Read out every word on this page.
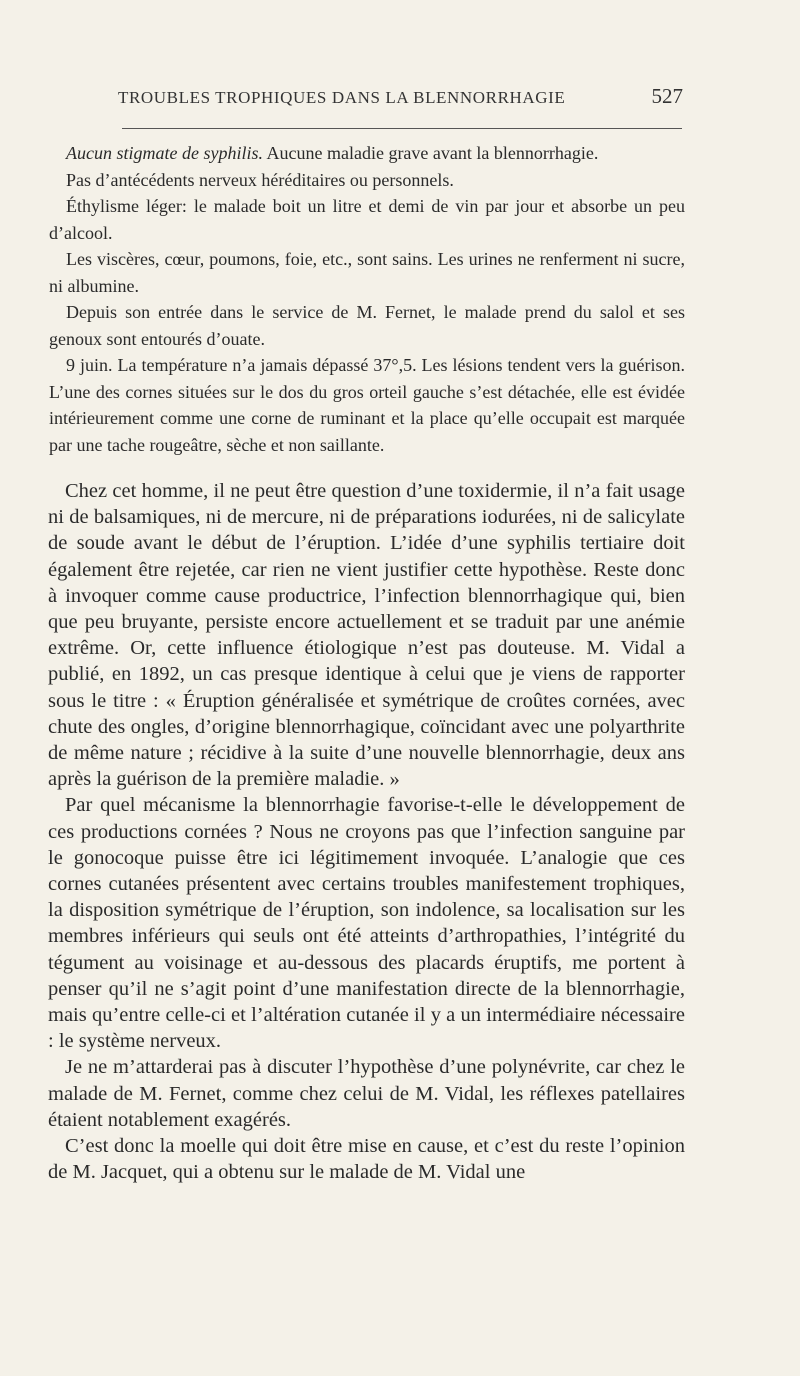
TROUBLES TROPHIQUES DANS LA BLENNORRHAGIE	527

Aucun stigmate de syphilis. Aucune maladie grave avant la blennorrhagie.

Pas d’antécédents nerveux héréditaires ou personnels.

Éthylisme léger: le malade boit un litre et demi de vin par jour et absorbe un peu d’alcool.

Les viscères, cœur, poumons, foie, etc., sont sains. Les urines ne renferment ni sucre, ni albumine.

Depuis son entrée dans le service de M. Fernet, le malade prend du salol et ses genoux sont entourés d’ouate.

9 juin. La température n’a jamais dépassé 37°,5. Les lésions tendent vers la guérison. L’une des cornes situées sur le dos du gros orteil gauche s’est détachée, elle est évidée intérieurement comme une corne de ruminant et la place qu’elle occupait est marquée par une tache rougeâtre, sèche et non saillante.

Chez cet homme, il ne peut être question d’une toxidermie, il n’a fait usage ni de balsamiques, ni de mercure, ni de préparations iodurées, ni de salicylate de soude avant le début de l’éruption. L’idée d’une syphilis tertiaire doit également être rejetée, car rien ne vient justifier cette hypothèse. Reste donc à invoquer comme cause productrice, l’infection blennorrhagique qui, bien que peu bruyante, persiste encore actuellement et se traduit par une anémie extrême. Or, cette influence étiologique n’est pas douteuse. M. Vidal a publié, en 1892, un cas presque identique à celui que je viens de rapporter sous le titre : « Éruption généralisée et symétrique de croûtes cornées, avec chute des ongles, d’origine blennorrhagique, coïncidant avec une polyarthrite de même nature ; récidive à la suite d’une nouvelle blennorrhagie, deux ans après la guérison de la première maladie. »

Par quel mécanisme la blennorrhagie favorise-t-elle le développement de ces productions cornées ? Nous ne croyons pas que l’infection sanguine par le gonocoque puisse être ici légitimement invoquée. L’analogie que ces cornes cutanées présentent avec certains troubles manifestement trophiques, la disposition symétrique de l’éruption, son indolence, sa localisation sur les membres inférieurs qui seuls ont été atteints d’arthropathies, l’intégrité du tégument au voisinage et au-dessous des placards éruptifs, me portent à penser qu’il ne s’agit point d’une manifestation directe de la blennorrhagie, mais qu’entre celle-ci et l’altération cutanée il y a un intermédiaire nécessaire : le système nerveux.

Je ne m’attarderai pas à discuter l’hypothèse d’une polynévrite, car chez le malade de M. Fernet, comme chez celui de M. Vidal, les réflexes patellaires étaient notablement exagérés.

C’est donc la moelle qui doit être mise en cause, et c’est du reste l’opinion de M. Jacquet, qui a obtenu sur le malade de M. Vidal une
